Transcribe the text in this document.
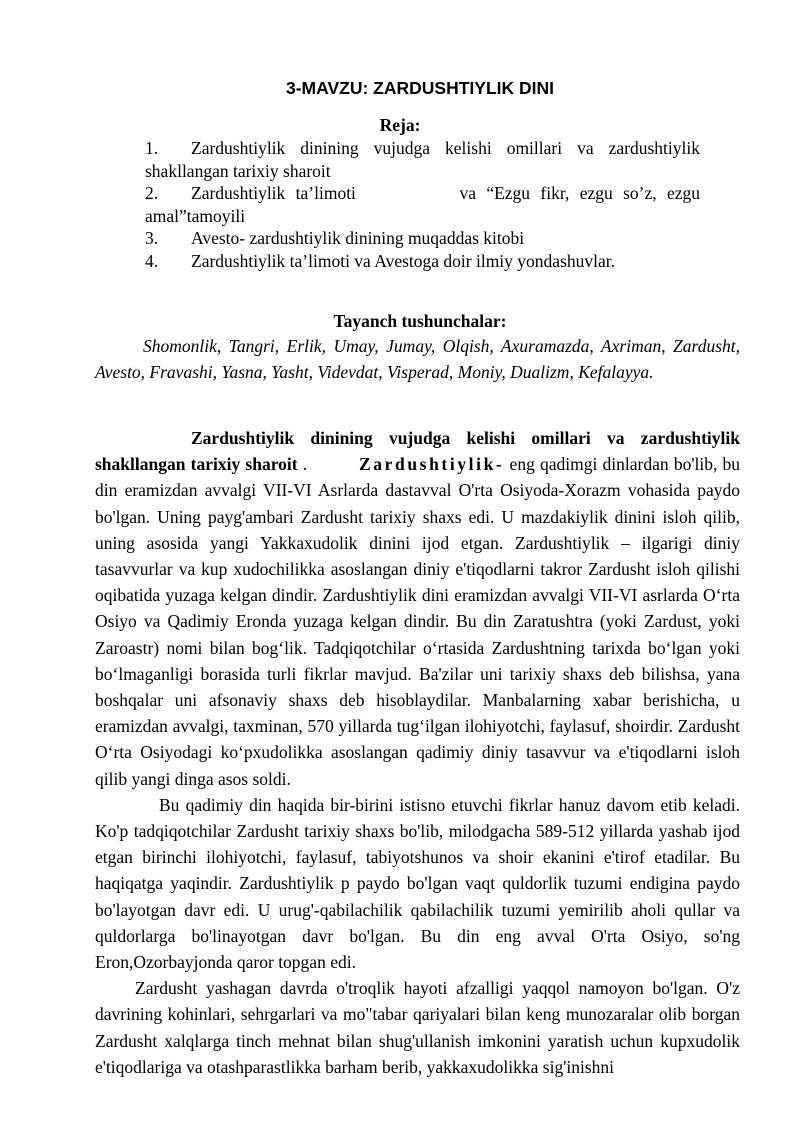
3-MAVZU: ZARDUSHTIYLIK DINI
Reja:
1.	Zardushtiylik dinining vujudga kelishi omillari va zardushtiylik
shakllangan tarixiy sharoit
2.	Zardushtiylik ta’limoti          va “Ezgu fikr, ezgu so’z, ezgu
amal”tamoyili
3.	Avesto- zardushtiylik dinining muqaddas kitobi
4.	Zardushtiylik ta’limoti va Avestoga doir ilmiy yondashuvlar.
Tayanch tushunchalar:
Shomonlik, Tangri, Erlik, Umay, Jumay, Olqish, Axuramazda, Axriman, Zardusht, Avesto, Fravashi, Yasna, Yasht, Videvdat, Visperad, Moniy, Dualizm, Kefalayya.

Zardushtiylik dinining vujudga kelishi omillari va zardushtiylik shakllangan tarixiy sharoit .          Zardushtiylik- eng qadimgi dinlardan bo'lib, bu din eramizdan avvalgi VII-VI Asrlarda dastavval O'rta Osiyoda-Xorazm vohasida paydo bo'lgan. Uning payg'ambari Zardusht tarixiy shaxs edi. U mazdakiylik dinini isloh qilib, uning asosida yangi Yakkaxudolik dinini ijod etgan. Zardushtiylik – ilgarigi diniy tasavvurlar va kup xudochilikka asoslangan diniy e'tiqodlarni takror Zardusht isloh qilishi oqibatida yuzaga kelgan dindir. Zardushtiylik dini eramizdan avvalgi VII-VI asrlarda O‘rta Osiyo va Qadimiy Eronda yuzaga kelgan dindir. Bu din Zaratushtra (yoki Zardust, yoki Zaroastr) nomi bilan bog‘lik. Tadqiqotchilar o‘rtasida Zardushtning tarixda bo‘lgan yoki bo‘lmaganligi borasida turli fikrlar mavjud. Ba'zilar uni tarixiy shaxs deb bilishsa, yana boshqalar uni afsonaviy shaxs deb hisoblaydilar. Manbalarning xabar berishicha, u eramizdan avvalgi, taxminan, 570 yillarda tug‘ilgan ilohiyotchi, faylasuf, shoirdir. Zardusht O‘rta Osiyodagi ko‘pxudolikka asoslangan qadimiy diniy tasavvur va e'tiqodlarni isloh qilib yangi dinga asos soldi.

Bu qadimiy din haqida bir-birini istisno etuvchi fikrlar hanuz davom etib keladi. Ko'p tadqiqotchilar Zardusht tarixiy shaxs bo'lib, milodgacha 589-512 yillarda yashab ijod etgan birinchi ilohiyotchi, faylasuf, tabiyotshunos va shoir ekanini e'tirof etadilar. Bu haqiqatga yaqindir. Zardushtiylik p paydo bo'lgan vaqt quldorlik tuzumi endigina paydo bo'layotgan davr edi. U urug'-qabilachilik qabilachilik tuzumi yemirilib aholi qullar va quldorlarga bo'linayotgan davr bo'lgan. Bu din eng avval O'rta Osiyo, so'ng Eron,Ozorbayjonda qaror topgan edi.

Zardusht yashagan davrda o'troqlik hayoti afzalligi yaqqol namoyon bo'lgan. O'z davrining kohinlari, sehrgarlari va mo"tabar qariyalari bilan keng munozaralar olib borgan Zardusht xalqlarga tinch mehnat bilan shug'ullanish imkonini yaratish uchun kupxudolik e'tiqodlariga va otashparastlikka barham berib, yakkaxudolikka sig'inishni
